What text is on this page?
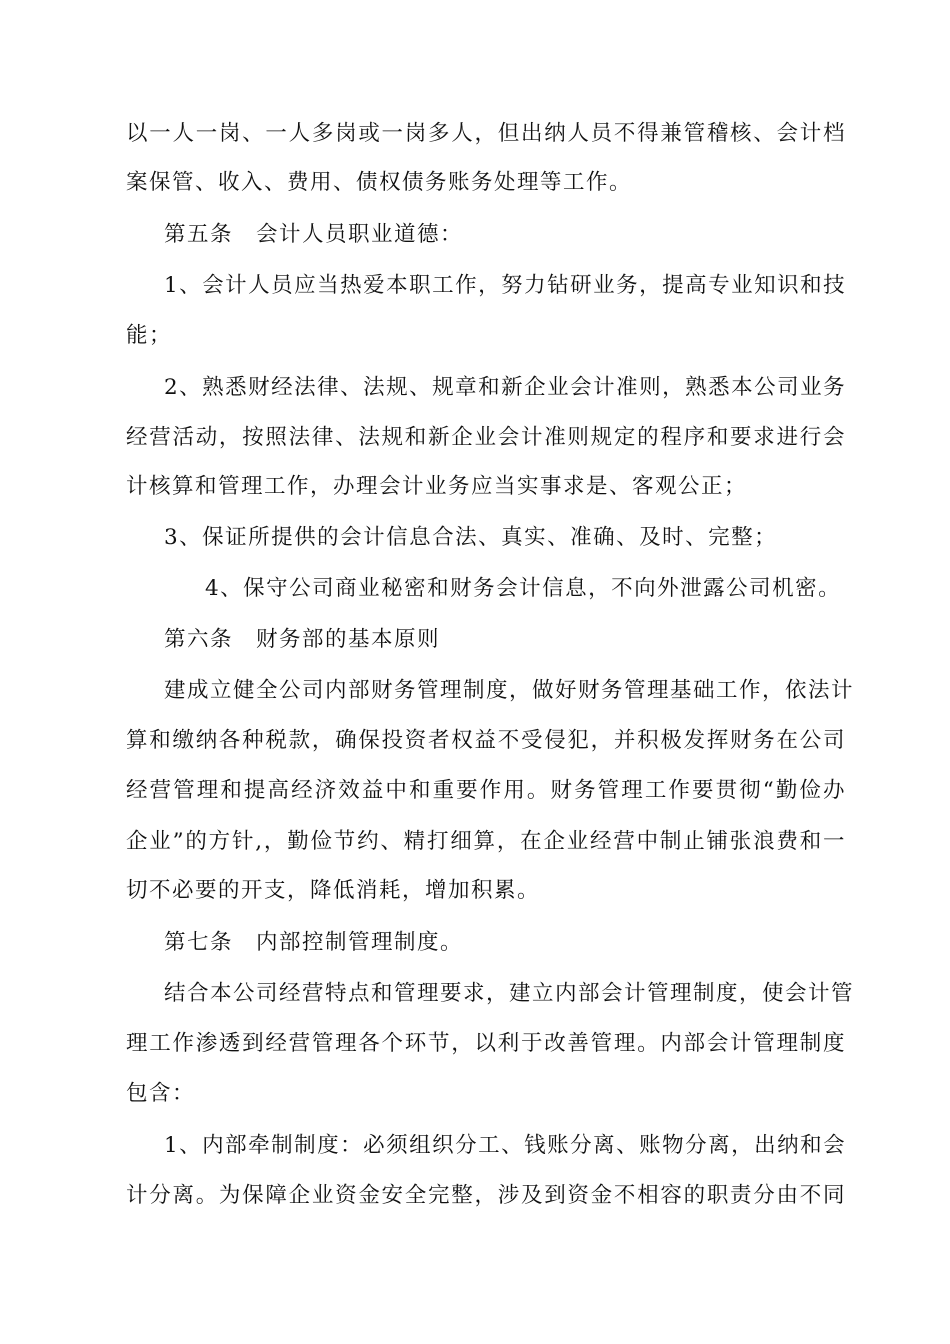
以一人一岗、一人多岗或一岗多人，但出纳人员不得兼管稽核、会计档
案保管、收入、费用、债权债务账务处理等工作。
第五条　会计人员职业道德：
1、会计人员应当热爱本职工作，努力钻研业务，提高专业知识和技
能；
2、熟悉财经法律、法规、规章和新企业会计准则，熟悉本公司业务
经营活动，按照法律、法规和新企业会计准则规定的程序和要求进行会
计核算和管理工作，办理会计业务应当实事求是、客观公正；
3、保证所提供的会计信息合法、真实、准确、及时、完整；
4、保守公司商业秘密和财务会计信息，不向外泄露公司机密。
第六条　财务部的基本原则
建成立健全公司内部财务管理制度，做好财务管理基础工作，依法计
算和缴纳各种税款，确保投资者权益不受侵犯，并积极发挥财务在公司
经营管理和提高经济效益中和重要作用。财务管理工作要贯彻“勤俭办
企业”的方针,，勤俭节约、精打细算，在企业经营中制止铺张浪费和一
切不必要的开支，降低消耗，增加积累。
第七条　内部控制管理制度。
结合本公司经营特点和管理要求，建立内部会计管理制度，使会计管
理工作渗透到经营管理各个环节，以利于改善管理。内部会计管理制度
包含：
1、内部牵制制度：必须组织分工、钱账分离、账物分离，出纳和会
计分离。为保障企业资金安全完整，涉及到资金不相容的职责分由不同
